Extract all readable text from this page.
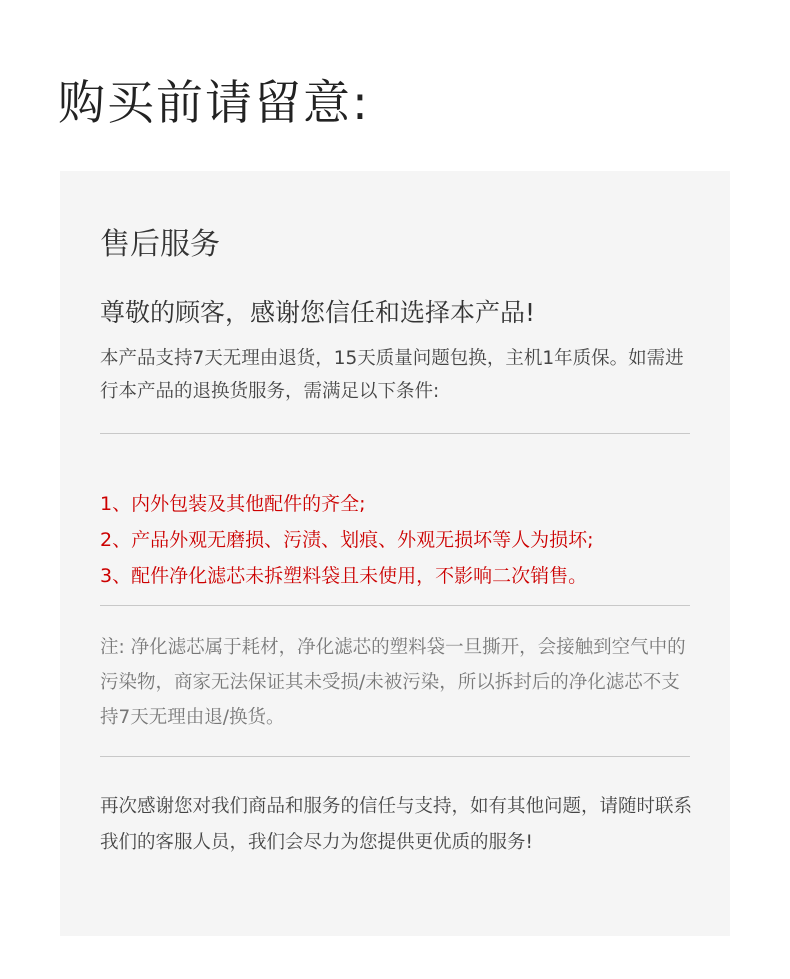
购买前请留意:
售后服务

尊敬的顾客，感谢您信任和选择本产品!

本产品支持7天无理由退货，15天质量问题包换，主机1年质保。如需进行本产品的退换货服务，需满足以下条件:

1、内外包装及其他配件的齐全;
2、产品外观无磨损、污渍、划痕、外观无损坏等人为损坏;
3、配件净化滤芯未拆塑料袋且未使用，不影响二次销售。

注: 净化滤芯属于耗材，净化滤芯的塑料袋一旦撕开，会接触到空气中的污染物，商家无法保证其未受损/未被污染，所以拆封后的净化滤芯不支持7天无理由退/换货。

再次感谢您对我们商品和服务的信任与支持，如有其他问题，请随时联系我们的客服人员，我们会尽力为您提供更优质的服务!
